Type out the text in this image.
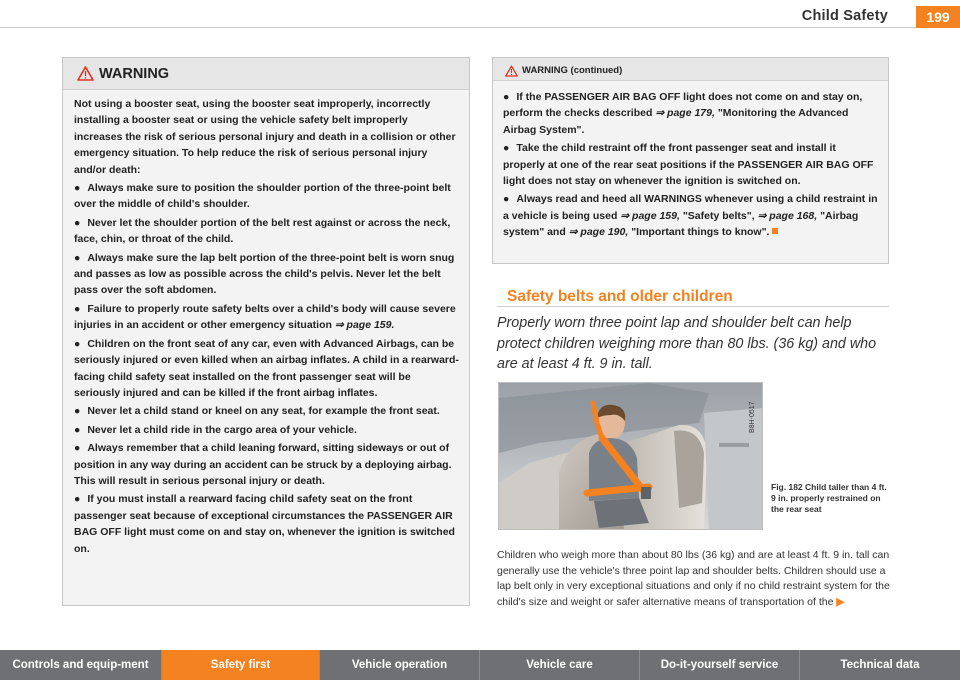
Child Safety	199
WARNING

Not using a booster seat, using the booster seat improperly, incorrectly installing a booster seat or using the vehicle safety belt improperly increases the risk of serious personal injury and death in a collision or other emergency situation. To help reduce the risk of serious personal injury and/or death:

● Always make sure to position the shoulder portion of the three-point belt over the middle of child's shoulder.

● Never let the shoulder portion of the belt rest against or across the neck, face, chin, or throat of the child.

● Always make sure the lap belt portion of the three-point belt is worn snug and passes as low as possible across the child's pelvis. Never let the belt pass over the soft abdomen.

● Failure to properly route safety belts over a child's body will cause severe injuries in an accident or other emergency situation ⇒ page 159.

● Children on the front seat of any car, even with Advanced Airbags, can be seriously injured or even killed when an airbag inflates. A child in a rearward-facing child safety seat installed on the front passenger seat will be seriously injured and can be killed if the front airbag inflates.

● Never let a child stand or kneel on any seat, for example the front seat.

● Never let a child ride in the cargo area of your vehicle.

● Always remember that a child leaning forward, sitting sideways or out of position in any way during an accident can be struck by a deploying airbag. This will result in serious personal injury or death.

● If you must install a rearward facing child safety seat on the front passenger seat because of exceptional circumstances the PASSENGER AIR BAG OFF light must come on and stay on, whenever the ignition is switched on.

WARNING (continued)

● If the PASSENGER AIR BAG OFF light does not come on and stay on, perform the checks described ⇒ page 179, "Monitoring the Advanced Airbag System".

● Take the child restraint off the front passenger seat and install it properly at one of the rear seat positions if the PASSENGER AIR BAG OFF light does not stay on whenever the ignition is switched on.

● Always read and heed all WARNINGS whenever using a child restraint in a vehicle is being used ⇒ page 159, "Safety belts", ⇒ page 168, "Airbag system" and ⇒ page 190, "Important things to know".

Safety belts and older children
Properly worn three point lap and shoulder belt can help protect children weighing more than 80 lbs. (36 kg) and who are at least 4 ft. 9 in. tall.
B8H-0517
Fig. 182 Child taller than 4 ft. 9 in. properly restrained on the rear seat
Children who weigh more than about 80 lbs (36 kg) and are at least 4 ft. 9 in. tall can generally use the vehicle's three point lap and shoulder belts. Children should use a lap belt only in very exceptional situations and only if no child restraint system for the child's size and weight or safer alternative means of transportation of the ▶
Controls and equip-ment	Safety first	Vehicle operation	Vehicle care	Do-it-yourself service	Technical data
